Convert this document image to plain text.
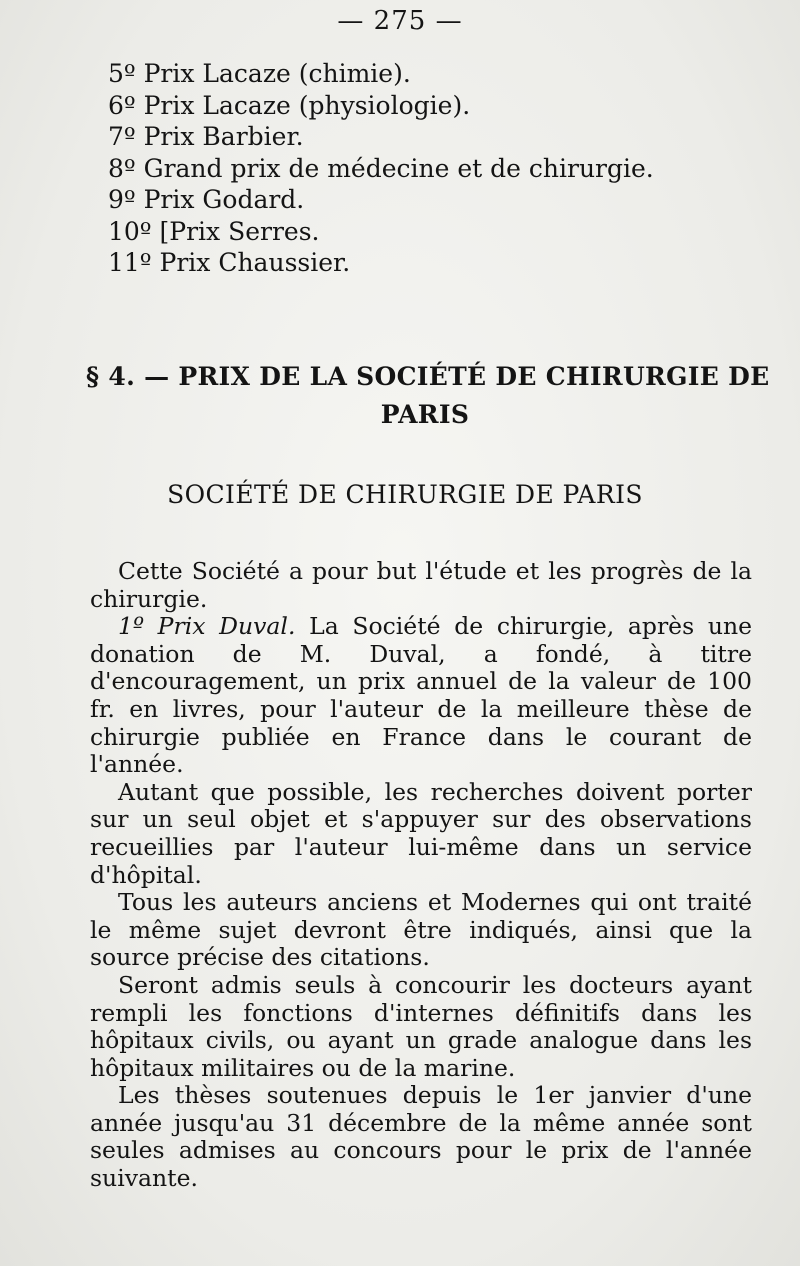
— 275 —
5º Prix Lacaze (chimie).
6º Prix Lacaze (physiologie).
7º Prix Barbier.
8º Grand prix de médecine et de chirurgie.
9º Prix Godard.
10º [Prix Serres.
11º Prix Chaussier.
§ 4. — PRIX DE LA SOCIÉTÉ DE CHIRURGIE DE
PARIS
SOCIÉTÉ DE CHIRURGIE DE PARIS

Cette Société a pour but l'étude et les progrès de la chirurgie.

1º Prix Duval. La Société de chirurgie, après une donation de M. Duval, a fondé, à titre d'encouragement, un prix annuel de la valeur de 100 fr. en livres, pour l'auteur de la meilleure thèse de chirurgie publiée en France dans le courant de l'année.

Autant que possible, les recherches doivent porter sur un seul objet et s'appuyer sur des observations recueillies par l'auteur lui-même dans un service d'hôpital.

Tous les auteurs anciens et Modernes qui ont traité le même sujet devront être indiqués, ainsi que la source précise des citations.

Seront admis seuls à concourir les docteurs ayant rempli les fonctions d'internes définitifs dans les hôpitaux civils, ou ayant un grade analogue dans les hôpitaux militaires ou de la marine.

Les thèses soutenues depuis le 1er janvier d'une année jusqu'au 31 décembre de la même année sont seules admises au concours pour le prix de l'année suivante.
